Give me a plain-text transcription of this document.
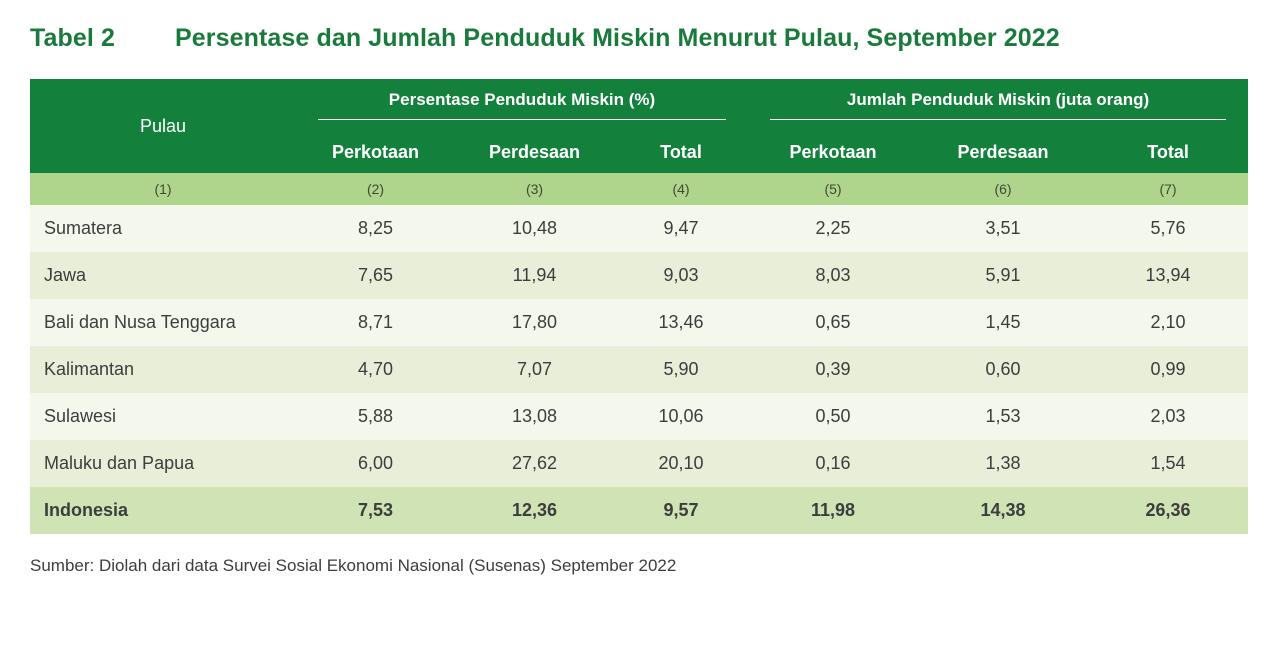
Tabel 2	Persentase dan Jumlah Penduduk Miskin Menurut Pulau, September 2022
Pulau	Persentase Penduduk Miskin (%)			Jumlah Penduduk Miskin (juta orang)		

	Perkotaan	Perdesaan	Total	Perkotaan	Perdesaan	Total
(1)	(2)	(3)	(4)	(5)	(6)	(7)
Sumatera	8,25	10,48	9,47	2,25	3,51	5,76
Jawa	7,65	11,94	9,03	8,03	5,91	13,94
Bali dan Nusa Tenggara	8,71	17,80	13,46	0,65	1,45	2,10
Kalimantan	4,70	7,07	5,90	0,39	0,60	0,99
Sulawesi	5,88	13,08	10,06	0,50	1,53	2,03
Maluku dan Papua	6,00	27,62	20,10	0,16	1,38	1,54
Indonesia	7,53	12,36	9,57	11,98	14,38	26,36
Sumber: Diolah dari data Survei Sosial Ekonomi Nasional (Susenas) September 2022
